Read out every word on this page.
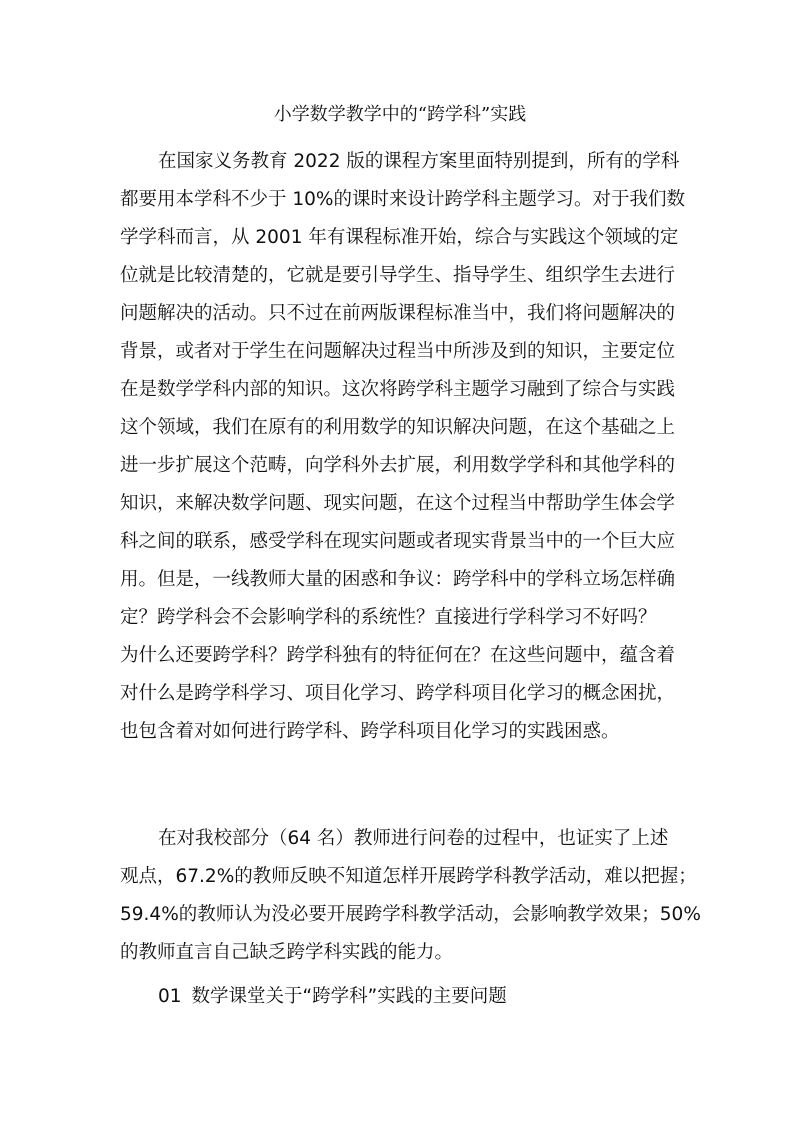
小学数学教学中的“跨学科”实践
在国家义务教育 2022 版的课程方案里面特别提到，所有的学科
都要用本学科不少于 10%的课时来设计跨学科主题学习。对于我们数
学学科而言，从 2001 年有课程标准开始，综合与实践这个领域的定
位就是比较清楚的，它就是要引导学生、指导学生、组织学生去进行
问题解决的活动。只不过在前两版课程标准当中，我们将问题解决的
背景，或者对于学生在问题解决过程当中所涉及到的知识，主要定位
在是数学学科内部的知识。这次将跨学科主题学习融到了综合与实践
这个领域，我们在原有的利用数学的知识解决问题，在这个基础之上
进一步扩展这个范畴，向学科外去扩展，利用数学学科和其他学科的
知识，来解决数学问题、现实问题，在这个过程当中帮助学生体会学
科之间的联系，感受学科在现实问题或者现实背景当中的一个巨大应
用。但是，一线教师大量的困惑和争议：跨学科中的学科立场怎样确
定？跨学科会不会影响学科的系统性？直接进行学科学习不好吗？
为什么还要跨学科？跨学科独有的特征何在？在这些问题中，蕴含着
对什么是跨学科学习、项目化学习、跨学科项目化学习的概念困扰，
也包含着对如何进行跨学科、跨学科项目化学习的实践困惑。
在对我校部分（64 名）教师进行问卷的过程中，也证实了上述
观点，67.2%的教师反映不知道怎样开展跨学科教学活动，难以把握；
59.4%的教师认为没必要开展跨学科教学活动，会影响教学效果；50%
的教师直言自己缺乏跨学科实践的能力。
01 数学课堂关于“跨学科”实践的主要问题
